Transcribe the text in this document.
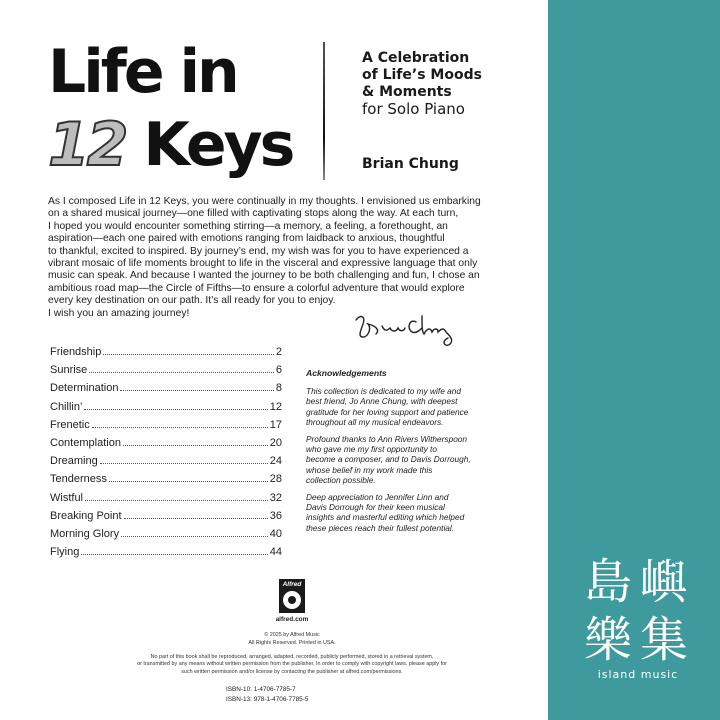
Life in
12 Keys
A Celebration
of Life’s Moods
& Moments
for Solo Piano
Brian Chung
As I composed Life in 12 Keys, you were continually in my thoughts. I envisioned us embarking
on a shared musical journey—one filled with captivating stops along the way. At each turn,
I hoped you would encounter something stirring—a memory, a feeling, a forethought, an
aspiration—each one paired with emotions ranging from laidback to anxious, thoughtful
to thankful, excited to inspired. By journey’s end, my wish was for you to have experienced a
vibrant mosaic of life moments brought to life in the visceral and expressive language that only
music can speak. And because I wanted the journey to be both challenging and fun, I chose an
ambitious road map—the Circle of Fifths—to ensure a colorful adventure that would explore
every key destination on our path. It’s all ready for you to enjoy.
I wish you an amazing journey!
Friendship	2
Sunrise	6
Determination	8
Chillin’	12
Frenetic	17
Contemplation	20
Dreaming	24
Tenderness	28
Wistful	32
Breaking Point	36
Morning Glory	40
Flying	44
Acknowledgements
This collection is dedicated to my wife and
best friend, Jo Anne Chung, with deepest
gratitude for her loving support and patience
throughout all my musical endeavors.
Profound thanks to Ann Rivers Witherspoon
who gave me my first opportunity to
become a composer, and to Davis Dorrough,
whose belief in my work made this
collection possible.
Deep appreciation to Jennifer Linn and
Davis Dorrough for their keen musical
insights and masterful editing which helped
these pieces reach their fullest potential.
Alfred
alfred.com
© 2025 by Alfred Music
All Rights Reserved. Printed in USA.
No part of this book shall be reproduced, arranged, adapted, recorded, publicly performed, stored in a retrieval system,
or transmitted by any means without written permission from the publisher. In order to comply with copyright laws, please apply for
such written permission and/or license by contacting the publisher at alfred.com/permissions.
ISBN-10: 1-4706-7785-7
ISBN-13: 978-1-4706-7785-5
島 嶼
樂 集
island music
